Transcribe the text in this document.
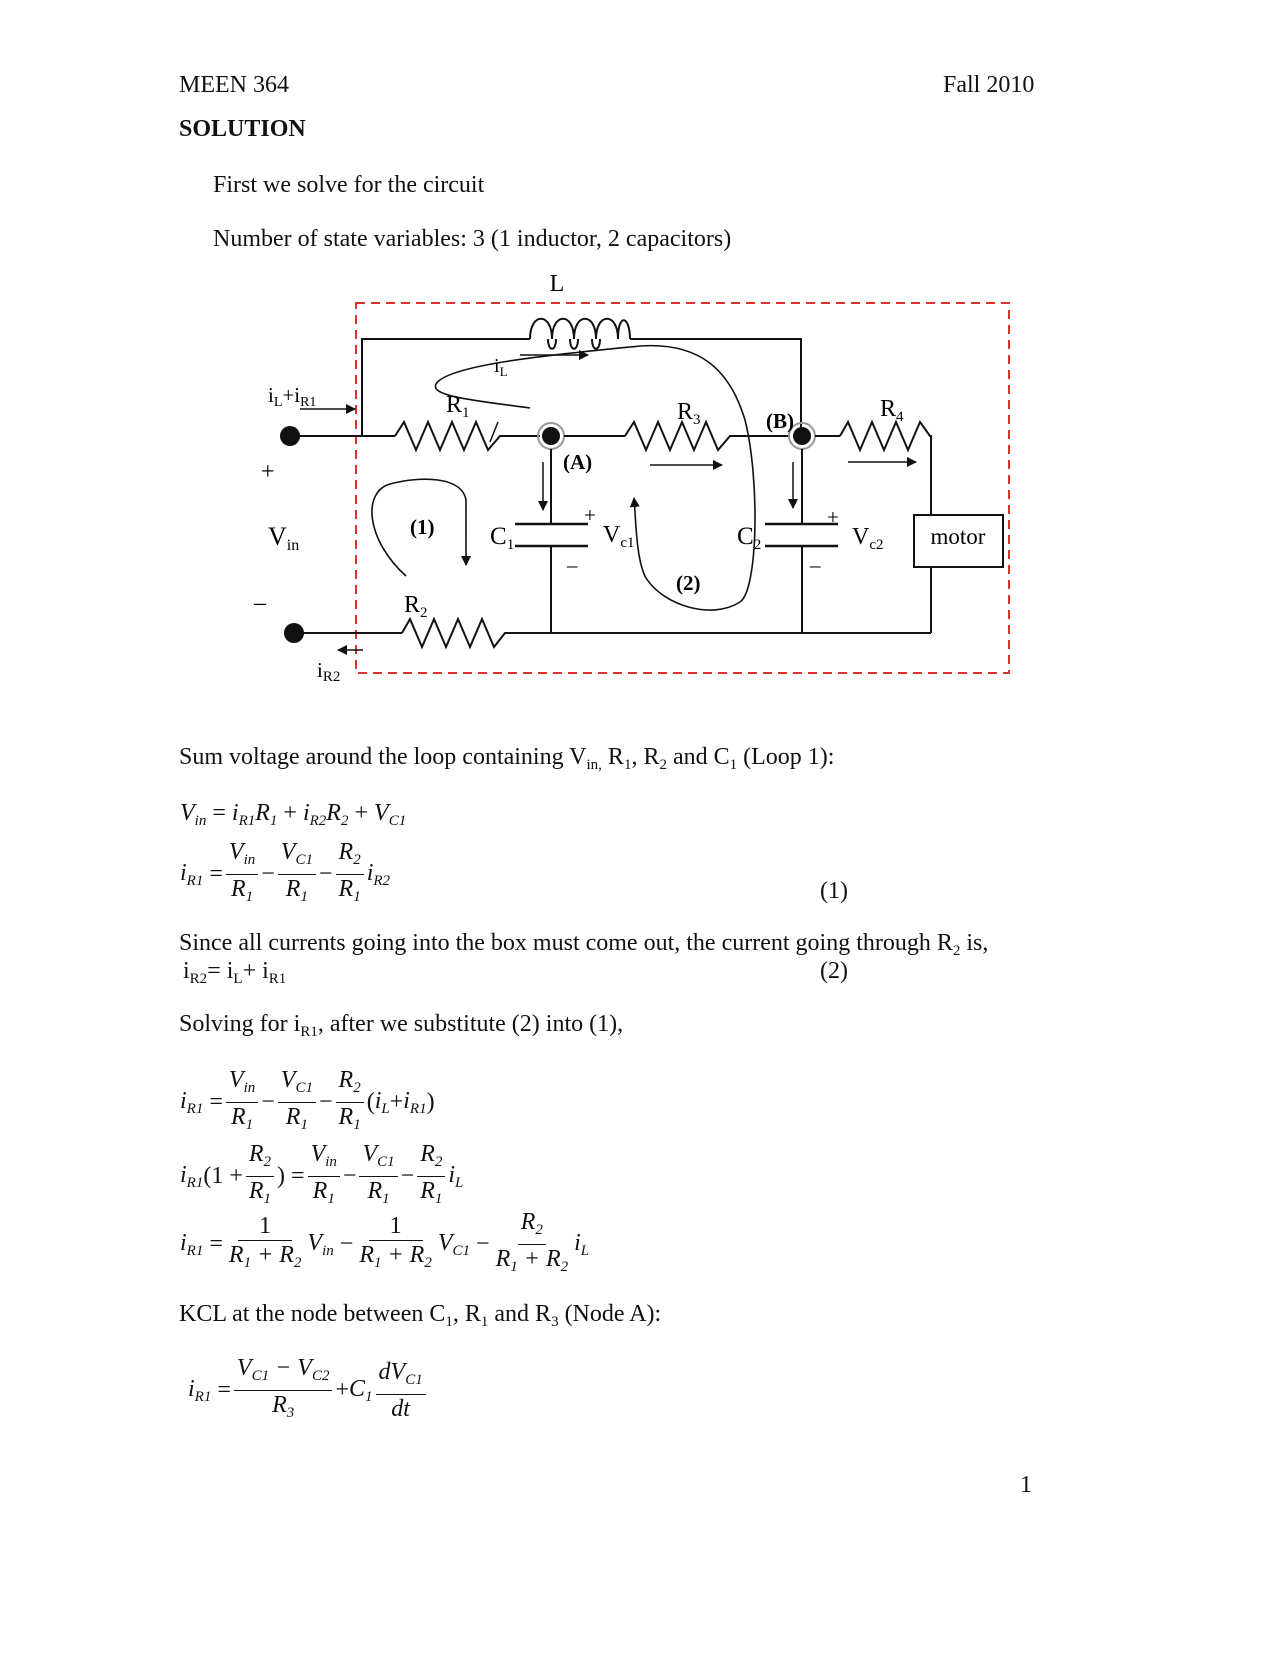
MEEN 364	Fall 2010
SOLUTION
First we solve for the circuit
Number of state variables: 3 (1 inductor, 2 capacitors)
L
$i_L$
iL+iR1	$R_1$	$R_3$	$R_4$
(B)
(A)
+
Vin
–
(1) $C_1$
+
–
$V_{c1}$
(2)
$C_2$
+
–
$V_{c2}$ motor
$R_2$
iR2
Sum voltage around the loop containing $V_{in,}$ $R_1$, $R_2$ and $C_1$ (Loop 1):
$V_{in} = i_{R1}R_1 + i_{R2}R_2 + V_{C1}$
$i_{R1} = \frac{V_{in}}{R_1} - \frac{V_{C1}}{R_1} - \frac{R_2}{R_1} i_{R2}$	(1)
Since all currents going into the box must come out, the current going through $R_2$ is,
$i_{R2}= i_L+ i_{R1}$	(2)
Solving for $i_{R1}$, after we substitute (2) into (1),
$i_{R1} = \frac{V_{in}}{R_1} - \frac{V_{C1}}{R_1} - \frac{R_2}{R_1}$ ( $i_L + i_{R1}$ )
$i_{R1}$ ($1 + \frac{R_2}{R_1}$ ) = $\frac{V_{in}}{R_1} - \frac{V_{C1}}{R_1} - \frac{R_2}{R_1} i_L$
$i_{R1} = \frac{1}{R_1 + R_2} V_{in} - \frac{1}{R_1 + R_2} V_{C1} - \frac{R_2}{R_1 + R_2} i_L$
KCL at the node between $C_1$, $R_1$ and $R_3$ (Node A):
$i_{R1} = \frac{V_{C1} - V_{C2}}{R_3} + C_1 \frac{dV_{C1}}{dt}$
1
